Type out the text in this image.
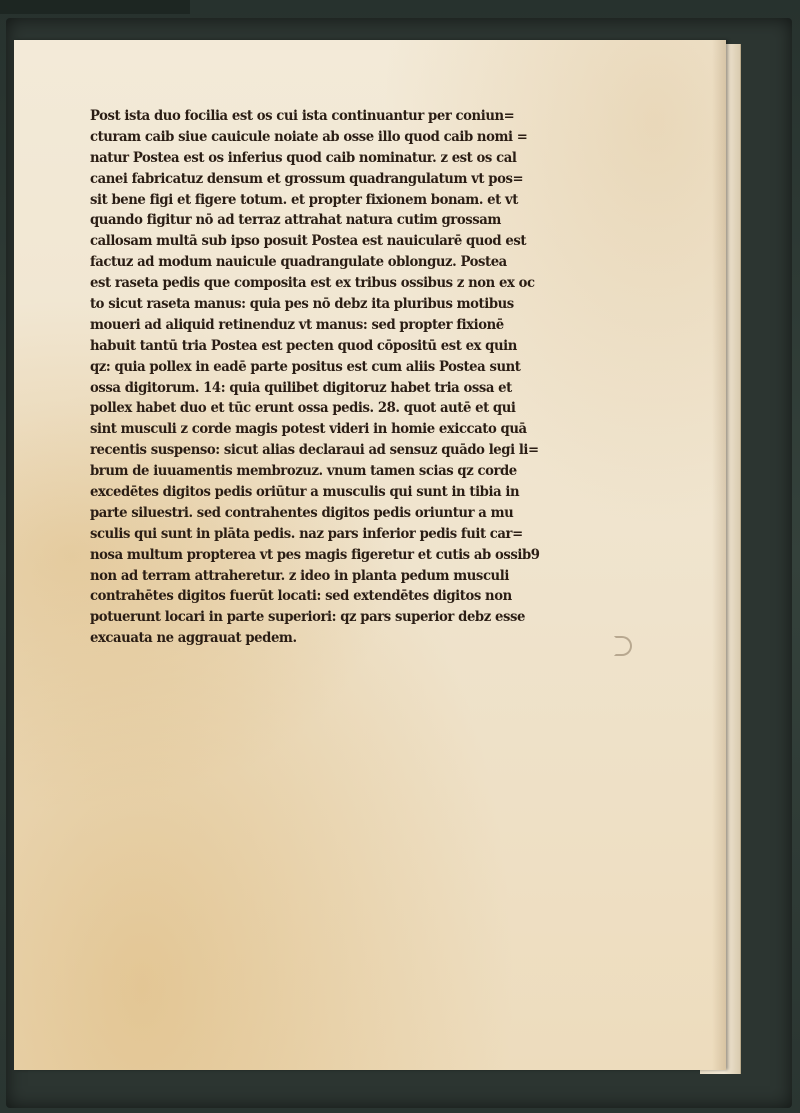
Post ista duo focilia est os cui ista continuantur per coniun=
cturam caib siue cauicule noiate ab osse illo quod caib nomi =
natur Postea est os inferius quod caib nominatur. z est os cal
canei fabricatuz densum et grossum quadrangulatum vt pos=
sit bene figi et figere totum. et propter fixionem bonam. et vt
quando figitur nō ad terraz attrahat natura cutim grossam
callosam multā sub ipso posuit Postea est nauicularē quod est
factuz ad modum nauicule quadrangulate oblonguz. Postea
est raseta pedis que composita est ex tribus ossibus z non ex oc
to sicut raseta manus: quia pes nō debz ita pluribus motibus
moueri ad aliquid retinenduz vt manus: sed propter fixionē
habuit tantū tria Postea est pecten quod cōpositū est ex quin
qz: quia pollex in eadē parte positus est cum aliis Postea sunt
ossa digitorum. 14: quia quilibet digitoruz habet tria ossa et
pollex habet duo et tūc erunt ossa pedis. 28. quot autē et qui
sint musculi z corde magis potest videri in homie exiccato quā
recentis suspenso: sicut alias declaraui ad sensuz quādo legi li=
brum de iuuamentis membrozuz. vnum tamen scias qz corde
excedētes digitos pedis oriūtur a musculis qui sunt in tibia in
parte siluestri. sed contrahentes digitos pedis oriuntur a mu
sculis qui sunt in plāta pedis. naz pars inferior pedis fuit car=
nosa multum propterea vt pes magis figeretur et cutis ab ossib9
non ad terram attraheretur. z ideo in planta pedum musculi
contrahētes digitos fuerūt locati: sed extendētes digitos non
potuerunt locari in parte superiori: qz pars superior debz esse
excauata ne aggrauat pedem.
